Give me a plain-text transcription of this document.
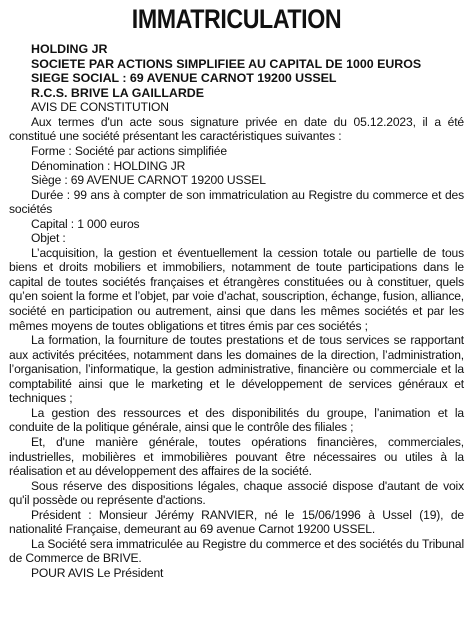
IMMATRICULATION
HOLDING JR
SOCIETE PAR ACTIONS SIMPLIFIEE AU CAPITAL DE 1000 EUROS
SIEGE SOCIAL : 69 AVENUE CARNOT 19200 USSEL
R.C.S. BRIVE LA GAILLARDE

AVIS DE CONSTITUTION

Aux termes d'un acte sous signature privée en date du 05.12.2023, il a été constitué une société présentant les caractéristiques suivantes :

Forme : Société par actions simplifiée

Dénomination : HOLDING JR

Siège : 69 AVENUE CARNOT 19200 USSEL

Durée : 99 ans à compter de son immatriculation au Registre du commerce et des sociétés

Capital : 1 000 euros

Objet :

L’acquisition, la gestion et éventuellement la cession totale ou partielle de tous biens et droits mobiliers et immobiliers, notamment de toute participations dans le capital de toutes sociétés françaises et étrangères constituées ou à constituer, quels qu’en soient la forme et l’objet, par voie d’achat, souscription, échange, fusion, alliance, société en participation ou autrement, ainsi que dans les mêmes sociétés et par les mêmes moyens de toutes obligations et titres émis par ces sociétés ;

La formation, la fourniture de toutes prestations et de tous services se rapportant aux activités précitées, notamment dans les domaines de la direction, l’administration, l’organisation, l’informatique, la gestion administrative, financière ou commerciale et la comptabilité ainsi que le marketing et le développement de services généraux et techniques ;

La gestion des ressources et des disponibilités du groupe, l’animation et la conduite de la politique générale, ainsi que le contrôle des filiales ;

Et, d'une manière générale, toutes opérations financières, commerciales, industrielles, mobilières et immobilières pouvant être nécessaires ou utiles à la réalisation et au développement des affaires de la société.

Sous réserve des dispositions légales, chaque associé dispose d'autant de voix qu'il possède ou représente d'actions.

Président : Monsieur Jérémy RANVIER, né le 15/06/1996 à Ussel (19), de nationalité Française, demeurant au 69 avenue Carnot 19200 USSEL.

La Société sera immatriculée au Registre du commerce et des sociétés du Tribunal de Commerce de BRIVE.

POUR AVIS Le Président
